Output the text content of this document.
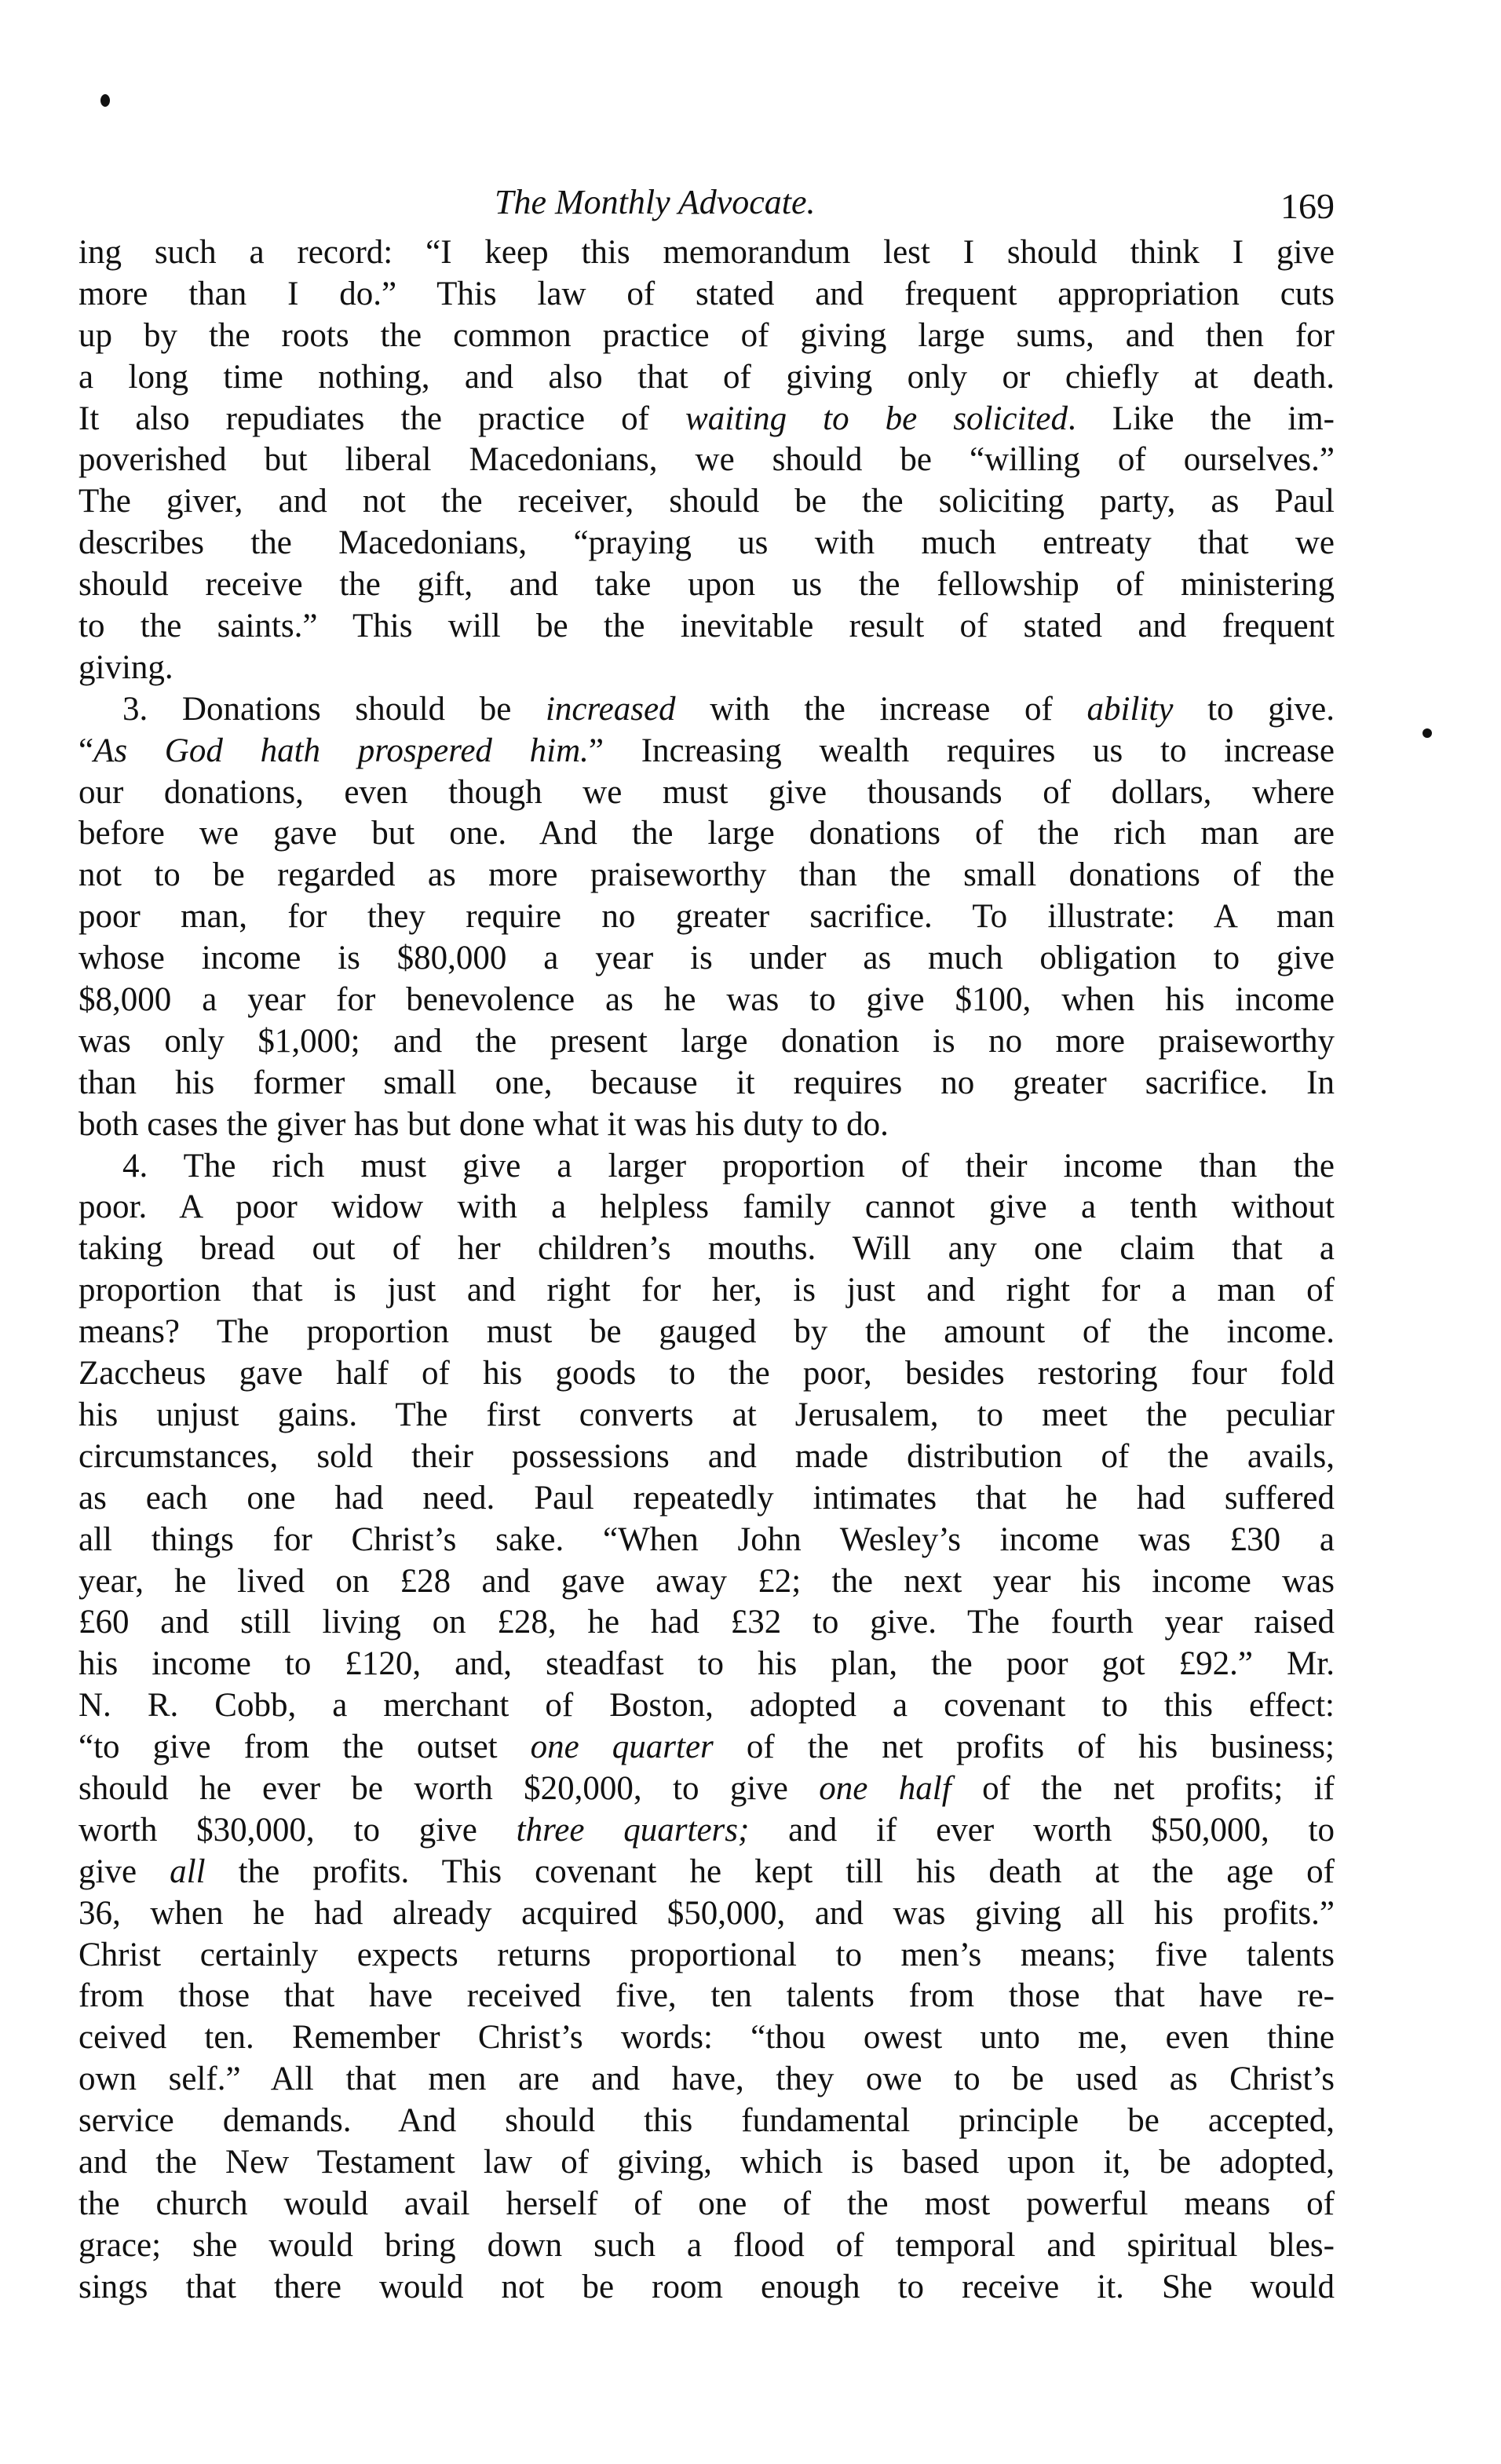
The Monthly Advocate.	169
ing such a record: “I keep this memorandum lest I should think I give
more than I do.” This law of stated and frequent appropriation cuts
up by the roots the common practice of giving large sums, and then for
a long time nothing, and also that of giving only or chiefly at death.
It also repudiates the practice of waiting to be solicited. Like the im-
poverished but liberal Macedonians, we should be “willing of ourselves.”
The giver, and not the receiver, should be the soliciting party, as Paul
describes the Macedonians, “praying us with much entreaty that we
should receive the gift, and take upon us the fellowship of ministering
to the saints.” This will be the inevitable result of stated and frequent
giving.
3. Donations should be increased with the increase of ability to give.
“As God hath prospered him.” Increasing wealth requires us to increase
our donations, even though we must give thousands of dollars, where
before we gave but one. And the large donations of the rich man are
not to be regarded as more praiseworthy than the small donations of the
poor man, for they require no greater sacrifice. To illustrate: A man
whose income is $80,000 a year is under as much obligation to give
$8,000 a year for benevolence as he was to give $100, when his income
was only $1,000; and the present large donation is no more praiseworthy
than his former small one, because it requires no greater sacrifice. In
both cases the giver has but done what it was his duty to do.
4. The rich must give a larger proportion of their income than the
poor. A poor widow with a helpless family cannot give a tenth without
taking bread out of her children’s mouths. Will any one claim that a
proportion that is just and right for her, is just and right for a man of
means? The proportion must be gauged by the amount of the income.
Zaccheus gave half of his goods to the poor, besides restoring four fold
his unjust gains. The first converts at Jerusalem, to meet the peculiar
circumstances, sold their possessions and made distribution of the avails,
as each one had need. Paul repeatedly intimates that he had suffered
all things for Christ’s sake. “When John Wesley’s income was £30 a
year, he lived on £28 and gave away £2; the next year his income was
£60 and still living on £28, he had £32 to give. The fourth year raised
his income to £120, and, steadfast to his plan, the poor got £92.” Mr.
N. R. Cobb, a merchant of Boston, adopted a covenant to this effect:
“to give from the outset one quarter of the net profits of his business;
should he ever be worth $20,000, to give one half of the net profits; if
worth $30,000, to give three quarters; and if ever worth $50,000, to
give all the profits. This covenant he kept till his death at the age of
36, when he had already acquired $50,000, and was giving all his profits.”
Christ certainly expects returns proportional to men’s means; five talents
from those that have received five, ten talents from those that have re-
ceived ten. Remember Christ’s words: “thou owest unto me, even thine
own self.” All that men are and have, they owe to be used as Christ’s
service demands. And should this fundamental principle be accepted,
and the New Testament law of giving, which is based upon it, be adopted,
the church would avail herself of one of the most powerful means of
grace; she would bring down such a flood of temporal and spiritual bles-
sings that there would not be room enough to receive it. She would
